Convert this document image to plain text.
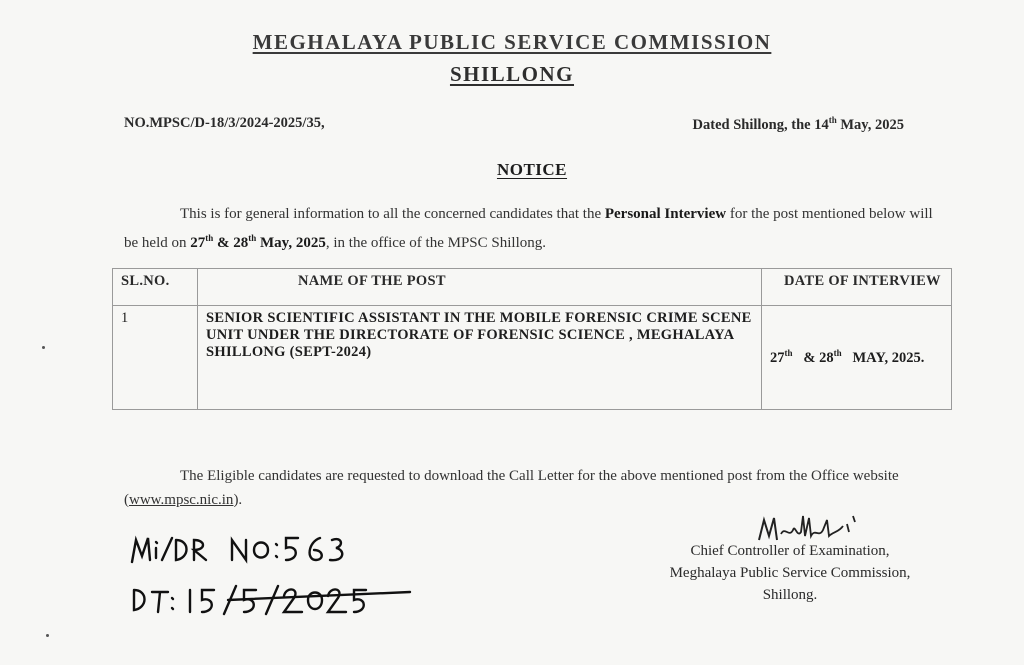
MEGHALAYA PUBLIC SERVICE COMMISSION
SHILLONG
NO.MPSC/D-18/3/2024-2025/35,	Dated Shillong, the 14th May, 2025
NOTICE
This is for general information to all the concerned candidates that the Personal Interview for the post mentioned below will be held on 27th & 28th May, 2025, in the office of the MPSC Shillong.
SL.NO.	NAME OF THE POST	DATE OF INTERVIEW
1	SENIOR SCIENTIFIC ASSISTANT IN THE MOBILE FORENSIC CRIME SCENE UNIT UNDER THE DIRECTORATE OF FORENSIC SCIENCE , MEGHALAYA SHILLONG (SEPT-2024)	27th   & 28th   MAY, 2025.
The Eligible candidates are requested to download the Call Letter for the above mentioned post from the Office website (www.mpsc.nic.in).
Chief Controller of Examination,
Meghalaya Public Service Commission,
Shillong.
